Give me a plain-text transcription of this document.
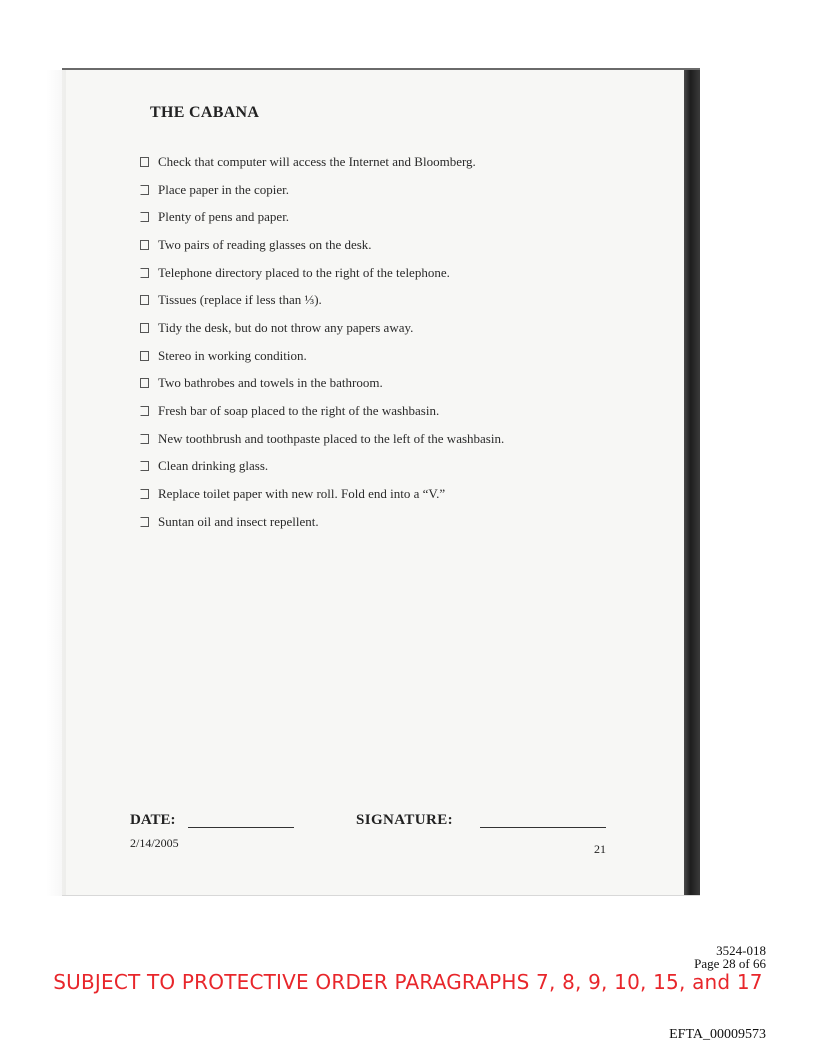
THE CABANA
Check that computer will access the Internet and Bloomberg.
Place paper in the copier.
Plenty of pens and paper.
Two pairs of reading glasses on the desk.
Telephone directory placed to the right of the telephone.
Tissues (replace if less than ⅓).
Tidy the desk, but do not throw any papers away.
Stereo in working condition.
Two bathrobes and towels in the bathroom.
Fresh bar of soap placed to the right of the washbasin.
New toothbrush and toothpaste placed to the left of the washbasin.
Clean drinking glass.
Replace toilet paper with new roll. Fold end into a “V.”
Suntan oil and insect repellent.
DATE:	SIGNATURE:
2/14/2005	21
3524-018
Page 28 of 66
SUBJECT TO PROTECTIVE ORDER PARAGRAPHS 7, 8, 9, 10, 15, and 17
EFTA_00009573
